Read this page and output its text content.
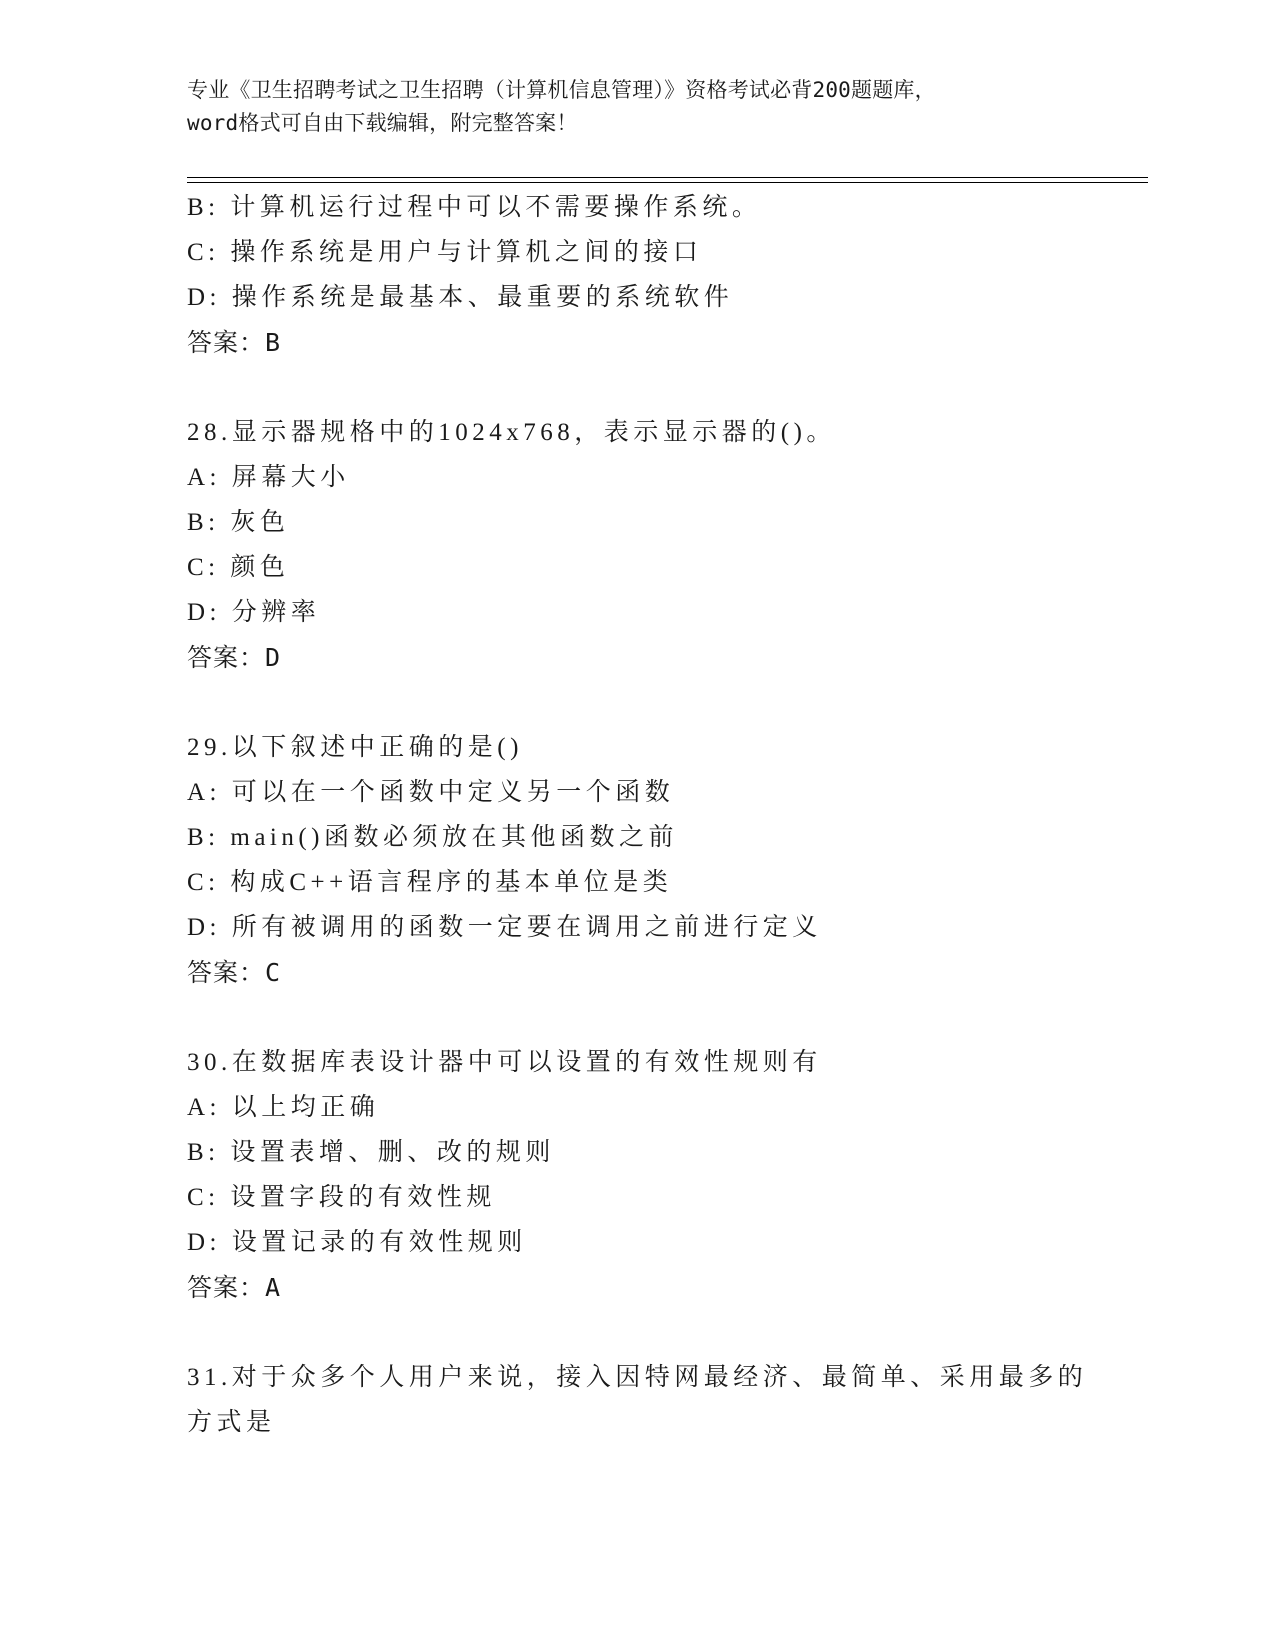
专业《卫生招聘考试之卫生招聘（计算机信息管理）》资格考试必背200题题库，
word格式可自由下载编辑，附完整答案！
B: 计算机运行过程中可以不需要操作系统。
C: 操作系统是用户与计算机之间的接口
D: 操作系统是最基本、最重要的系统软件
答案：B
28.显示器规格中的1024x768，表示显示器的()。
A: 屏幕大小
B: 灰色
C: 颜色
D: 分辨率
答案：D
29.以下叙述中正确的是()
A: 可以在一个函数中定义另一个函数
B: main()函数必须放在其他函数之前
C: 构成C++语言程序的基本单位是类
D: 所有被调用的函数一定要在调用之前进行定义
答案：C
30.在数据库表设计器中可以设置的有效性规则有
A: 以上均正确
B: 设置表增、删、改的规则
C: 设置字段的有效性规
D: 设置记录的有效性规则
答案：A
31.对于众多个人用户来说，接入因特网最经济、最简单、采用最多的
方式是
